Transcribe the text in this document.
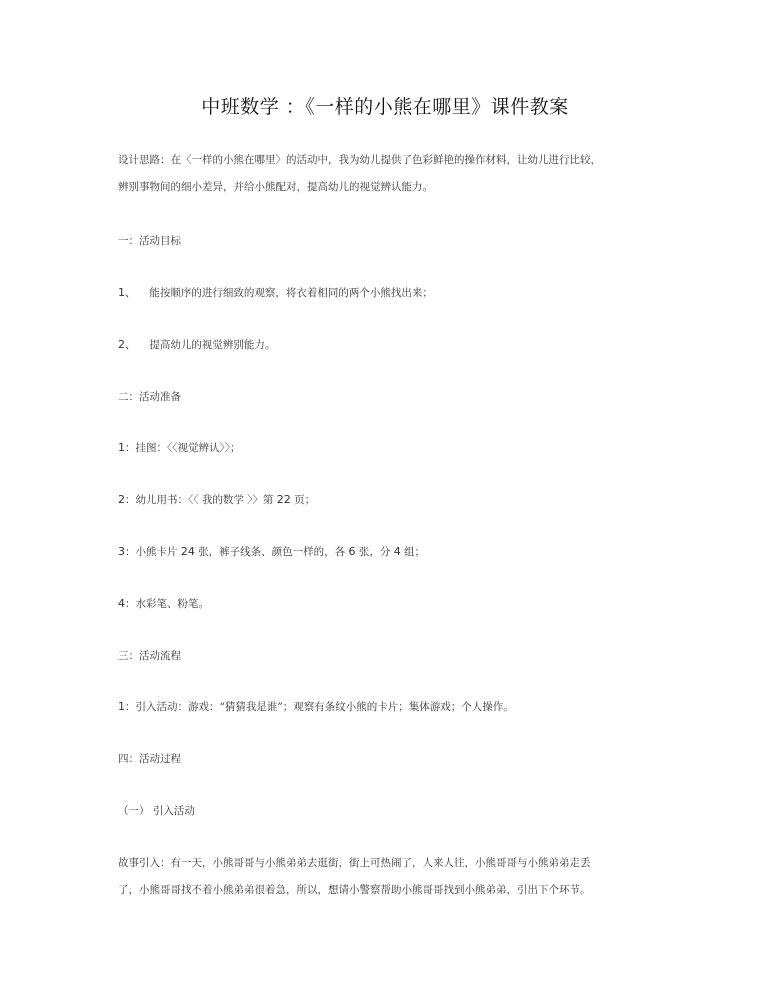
中班数学 ：《一样的小熊在哪里》课件教案
设计思路：在〈一样的小熊在哪里〉的活动中，我为幼儿提供了色彩鲜艳的操作材料，让幼儿进行比较，
辨别事物间的细小差异，并给小熊配对，提高幼儿的视觉辨认能力。
一：活动目标
1、 能按顺序的进行细致的观察，将衣着相同的两个小熊找出来；
2、 提高幼儿的视觉辨别能力。
二：活动准备
1：挂图：〈〈视觉辨认〉〉；
2：幼儿用书：〈〈 我的数学 〉〉第 22 页；
3：小熊卡片 24 张，裤子线条、颜色一样的，各 6 张，分 4 组；
4：水彩笔、粉笔。
三：活动流程
1：引入活动：游戏：“猜猜我是谁”；观察有条纹小熊的卡片；集体游戏；个人操作。
四：活动过程
（一） 引入活动
故事引入：有一天，小熊哥哥与小熊弟弟去逛街，街上可热闹了，人来人往，小熊哥哥与小熊弟弟走丢
了，小熊哥哥找不着小熊弟弟很着急，所以，想请小警察帮助小熊哥哥找到小熊弟弟，引出下个环节。
